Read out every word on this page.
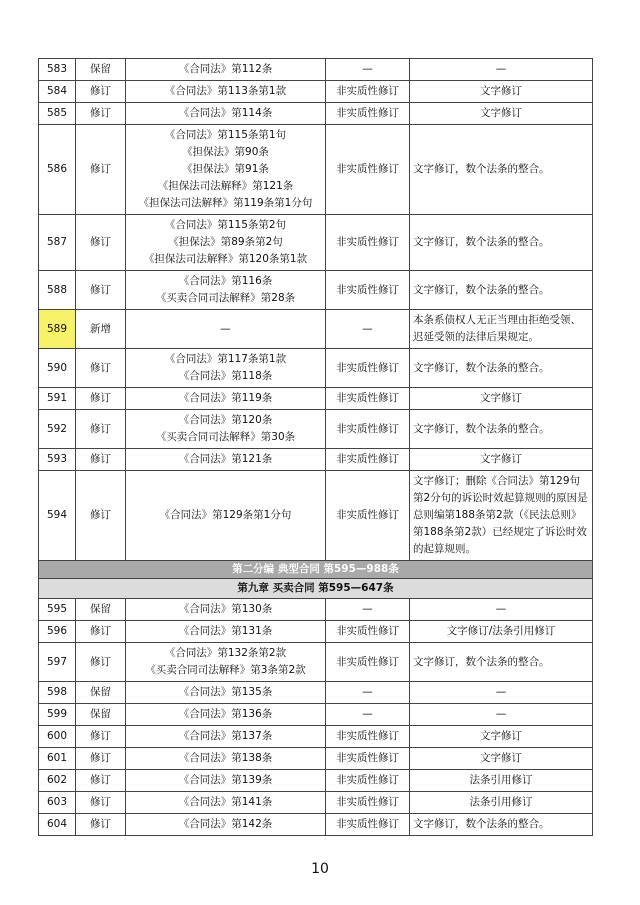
583	保留	《合同法》第112条	—	—

584	修订	《合同法》第113条第1款	非实质性修订	文字修订

585	修订	《合同法》第114条	非实质性修订	文字修订

586	修订	《合同法》第115条第1句
《担保法》第90条
《担保法》第91条
《担保法司法解释》第121条
《担保法司法解释》第119条第1分句	非实质性修订	文字修订，数个法条的整合。

587	修订	《合同法》第115条第2句
《担保法》第89条第2句
《担保法司法解释》第120条第1款	非实质性修订	文字修订，数个法条的整合。

588	修订	《合同法》第116条
《买卖合同司法解释》第28条	非实质性修订	文字修订，数个法条的整合。

589	新增	—	—	本条系债权人无正当理由拒绝受领、迟延受领的法律后果规定。

590	修订	《合同法》第117条第1款
《合同法》第118条	非实质性修订	文字修订，数个法条的整合。

591	修订	《合同法》第119条	非实质性修订	文字修订

592	修订	《合同法》第120条
《买卖合同司法解释》第30条	非实质性修订	文字修订，数个法条的整合。

593	修订	《合同法》第121条	非实质性修订	文字修订

594	修订	《合同法》第129条第1分句	非实质性修订	文字修订；删除《合同法》第129句第2分句的诉讼时效起算规则的原因是总则编第188条第2款（《民法总则》第188条第2款）已经规定了诉讼时效的起算规则。

第二分编 典型合同 第595—988条				
第九章 买卖合同 第595—647条				
595	保留	《合同法》第130条	—	—

596	修订	《合同法》第131条	非实质性修订	文字修订/法条引用修订

597	修订	《合同法》第132条第2款
《买卖合同司法解释》第3条第2款	非实质性修订	文字修订，数个法条的整合。

598	保留	《合同法》第135条	—	—

599	保留	《合同法》第136条	—	—

600	修订	《合同法》第137条	非实质性修订	文字修订

601	修订	《合同法》第138条	非实质性修订	文字修订

602	修订	《合同法》第139条	非实质性修订	法条引用修订

603	修订	《合同法》第141条	非实质性修订	法条引用修订

604	修订	《合同法》第142条	非实质性修订	文字修订，数个法条的整合。
10
